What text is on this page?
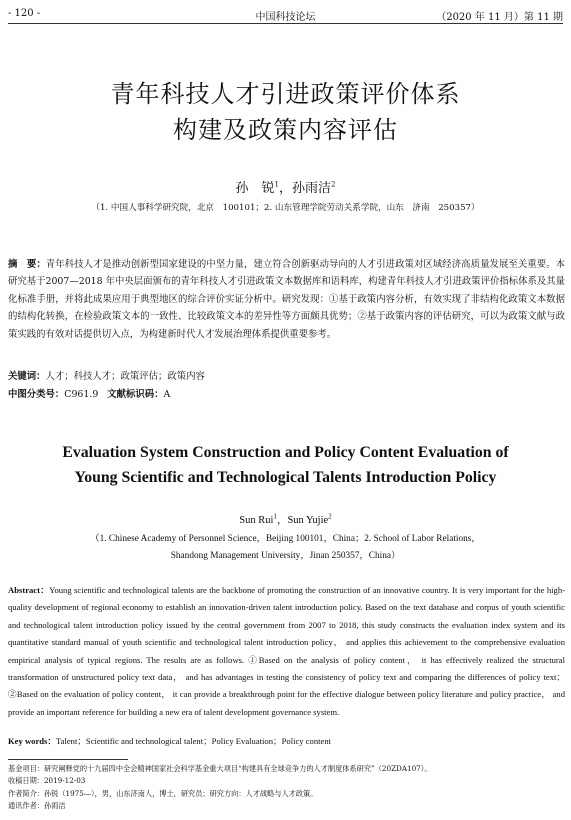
- 120 -	中国科技论坛	（2020 年 11 月）第 11 期
青年科技人才引进政策评价体系
构建及政策内容评估
孙　锐$^1$，孙雨洁$^2$
（1. 中国人事科学研究院，北京　100101；2. 山东管理学院劳动关系学院，山东　济南　250357）
摘　要：青年科技人才是推动创新型国家建设的中坚力量，建立符合创新驱动导向的人才引进政策对区域经济高质量发展至关重要。本研究基于2007—2018 年中央层面颁布的青年科技人才引进政策文本数据库和语料库，构建青年科技人才引进政策评价指标体系及其量化标准手册，并将此成果应用于典型地区的综合评价实证分析中。研究发现：①基于政策内容分析，有效实现了非结构化政策文本数据的结构化转换，在检验政策文本的一致性、比较政策文本的差异性等方面颇具优势；②基于政策内容的评估研究，可以为政策文献与政策实践的有效对话提供切入点，为构建新时代人才发展治理体系提供重要参考。
关键词：人才；科技人才；政策评估；政策内容
中图分类号：C961.9 文献标识码：A
Evaluation System Construction and Policy Content Evaluation of
Young Scientific and Technological Talents Introduction Policy
Sun Rui$^1$，Sun Yujie$^2$
（1. Chinese Academy of Personnel Science，Beijing 100101，China；2. School of Labor Relations，
Shandong Management University，Jinan 250357，China）
Abstract：Young scientific and technological talents are the backbone of promoting the construction of an innovative country. It is very important for the high-quality development of regional economy to establish an innovation-driven talent introduction policy. Based on the text database and corpus of youth scientific and technological talent introduction policy issued by the central government from 2007 to 2018, this study constructs the evaluation index system and its quantitative standard manual of youth scientific and technological talent introduction policy， and applies this achievement to the comprehensive evaluation empirical analysis of typical regions. The results are as follows. ①Based on the analysis of policy content， it has effectively realized the structural transformation of unstructured policy text data， and has advantages in testing the consistency of policy text and comparing the differences of policy text；②Based on the evaluation of policy content， it can provide a breakthrough point for the effective dialogue between policy literature and policy practice， and provide an important reference for building a new era of talent development governance system.
Key words：Talent；Scientific and technological talent；Policy Evaluation；Policy content
基金项目：研究阐释党的十九届四中全会精神国家社会科学基金重大项目“构建具有全球竞争力的人才制度体系研究”（20ZDA107）。
收稿日期：2019-12-03
作者简介：孙锐（1975—），男，山东济南人，博士，研究员；研究方向：人才战略与人才政策。
通讯作者：孙雨洁
